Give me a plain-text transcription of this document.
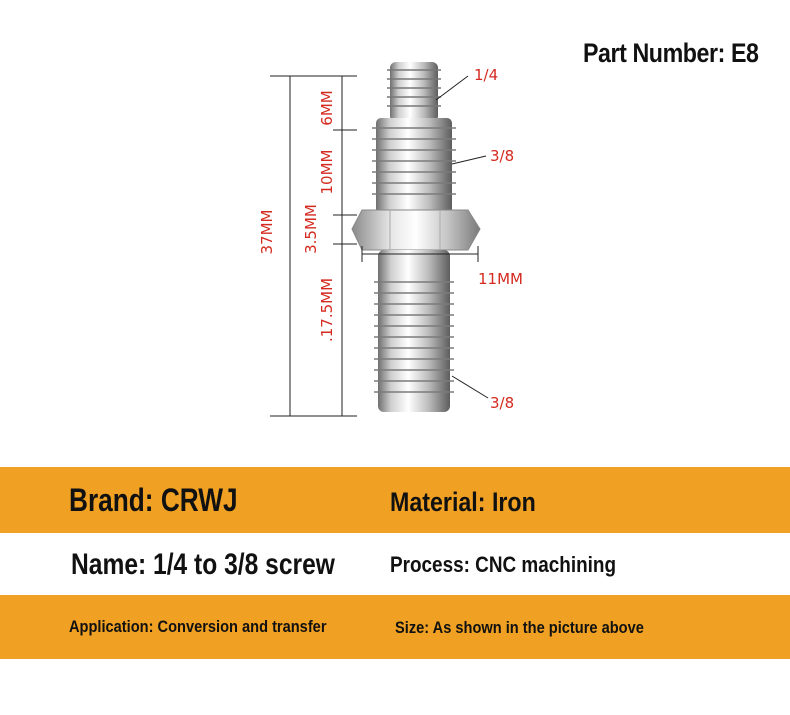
Part Number: E8
37MM
6MM
10MM
3.5MM
.17.5MM	11MM
1/4
3/8
3/8
Brand: CRWJ	Material: Iron
Name: 1/4 to 3/8 screw	Process: CNC machining
Application: Conversion and transfer	Size: As shown in the picture above
